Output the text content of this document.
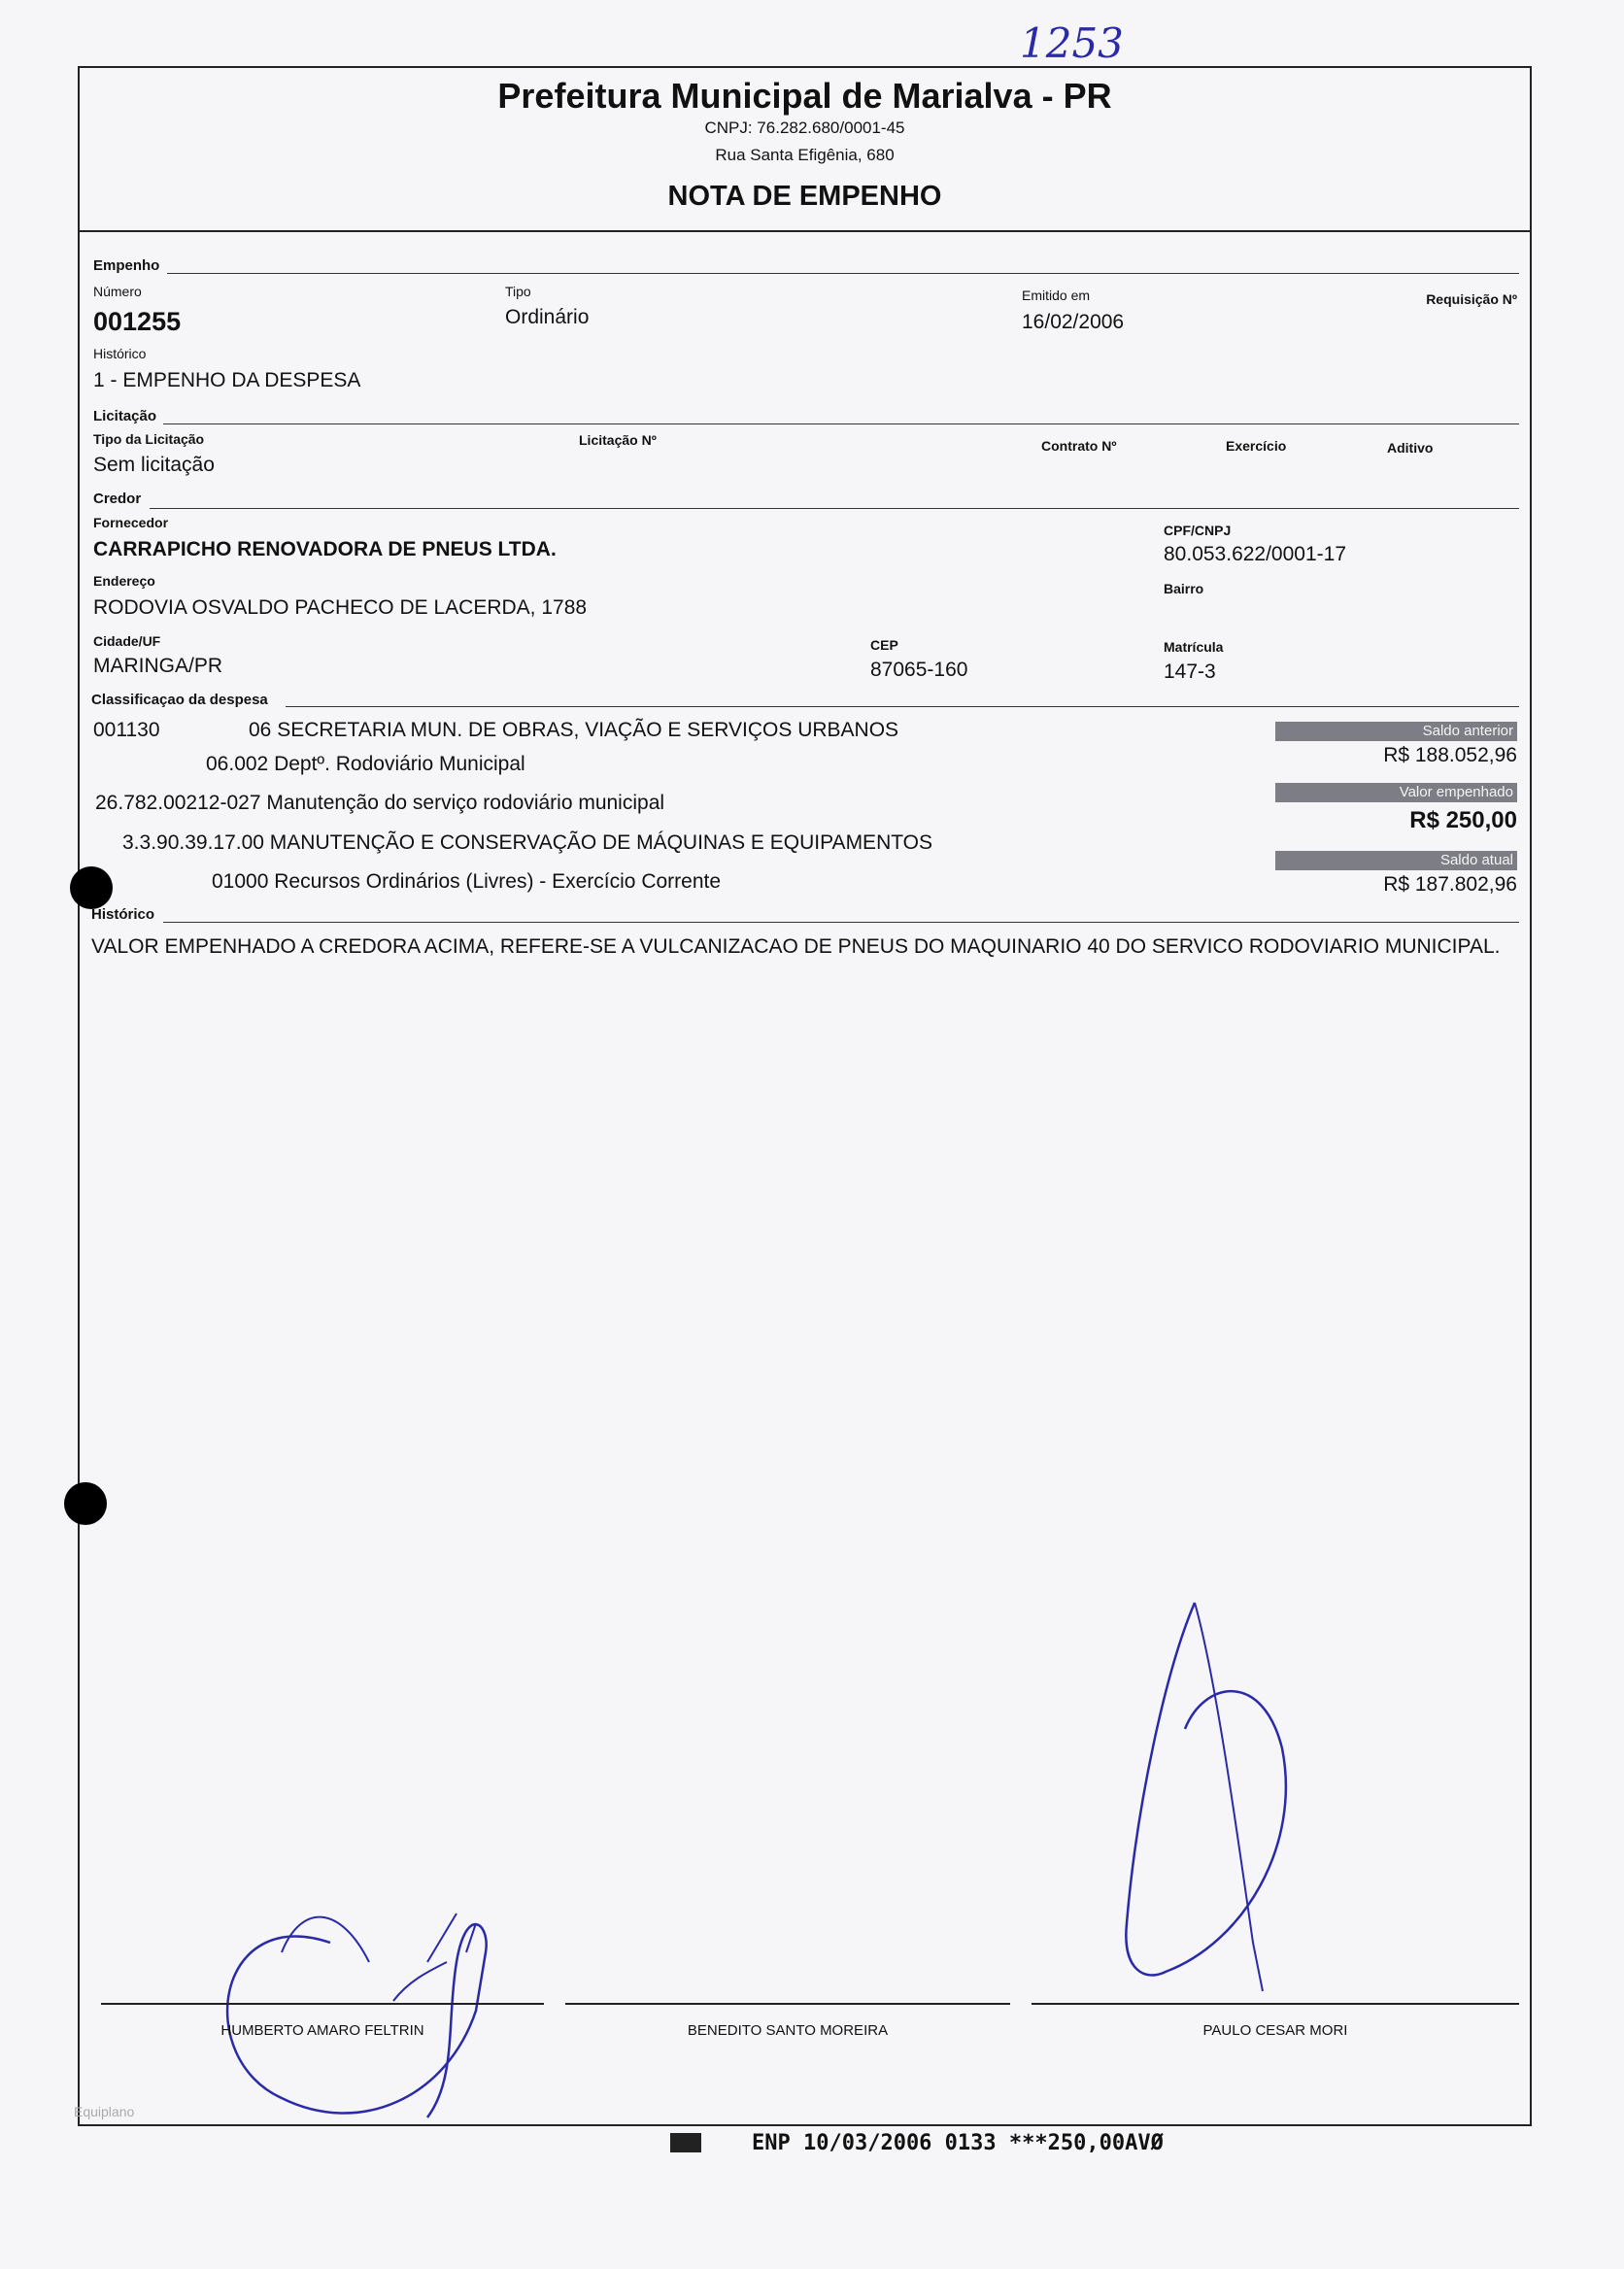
1253
Prefeitura Municipal de Marialva - PR
CNPJ: 76.282.680/0001-45
Rua Santa Efigênia, 680
NOTA DE EMPENHO
Empenho
Número
001255
Tipo
Ordinário
Emitido em
16/02/2006
Requisição Nº
Histórico
1 - EMPENHO DA DESPESA
Licitação
Tipo da Licitação
Sem licitação
Licitação Nº	Contrato Nº	Exercício	Aditivo
Credor
Fornecedor
CARRAPICHO RENOVADORA DE PNEUS LTDA.
CPF/CNPJ
80.053.622/0001-17
Endereço
RODOVIA OSVALDO PACHECO DE LACERDA, 1788
Bairro
Cidade/UF
MARINGA/PR
CEP
87065-160
Matrícula
147-3
Classificaçao da despesa
001130	06 SECRETARIA MUN. DE OBRAS, VIAÇÃO E SERVIÇOS URBANOS
06.002 Deptº. Rodoviário Municipal
26.782.00212-027 Manutenção do serviço rodoviário municipal
3.3.90.39.17.00 MANUTENÇÃO E CONSERVAÇÃO DE MÁQUINAS E EQUIPAMENTOS
01000 Recursos Ordinários (Livres) - Exercício Corrente
Saldo anterior
R$ 188.052,96
Valor empenhado
R$ 250,00
Saldo atual
R$ 187.802,96
Histórico
VALOR EMPENHADO A CREDORA ACIMA, REFERE-SE A VULCANIZACAO DE PNEUS DO MAQUINARIO 40 DO SERVICO RODOVIARIO MUNICIPAL.
HUMBERTO AMARO FELTRIN	BENEDITO SANTO MOREIRA	PAULO CESAR MORI
Equiplano
ENP 10/03/2006 0133 ***250,00AVØ
